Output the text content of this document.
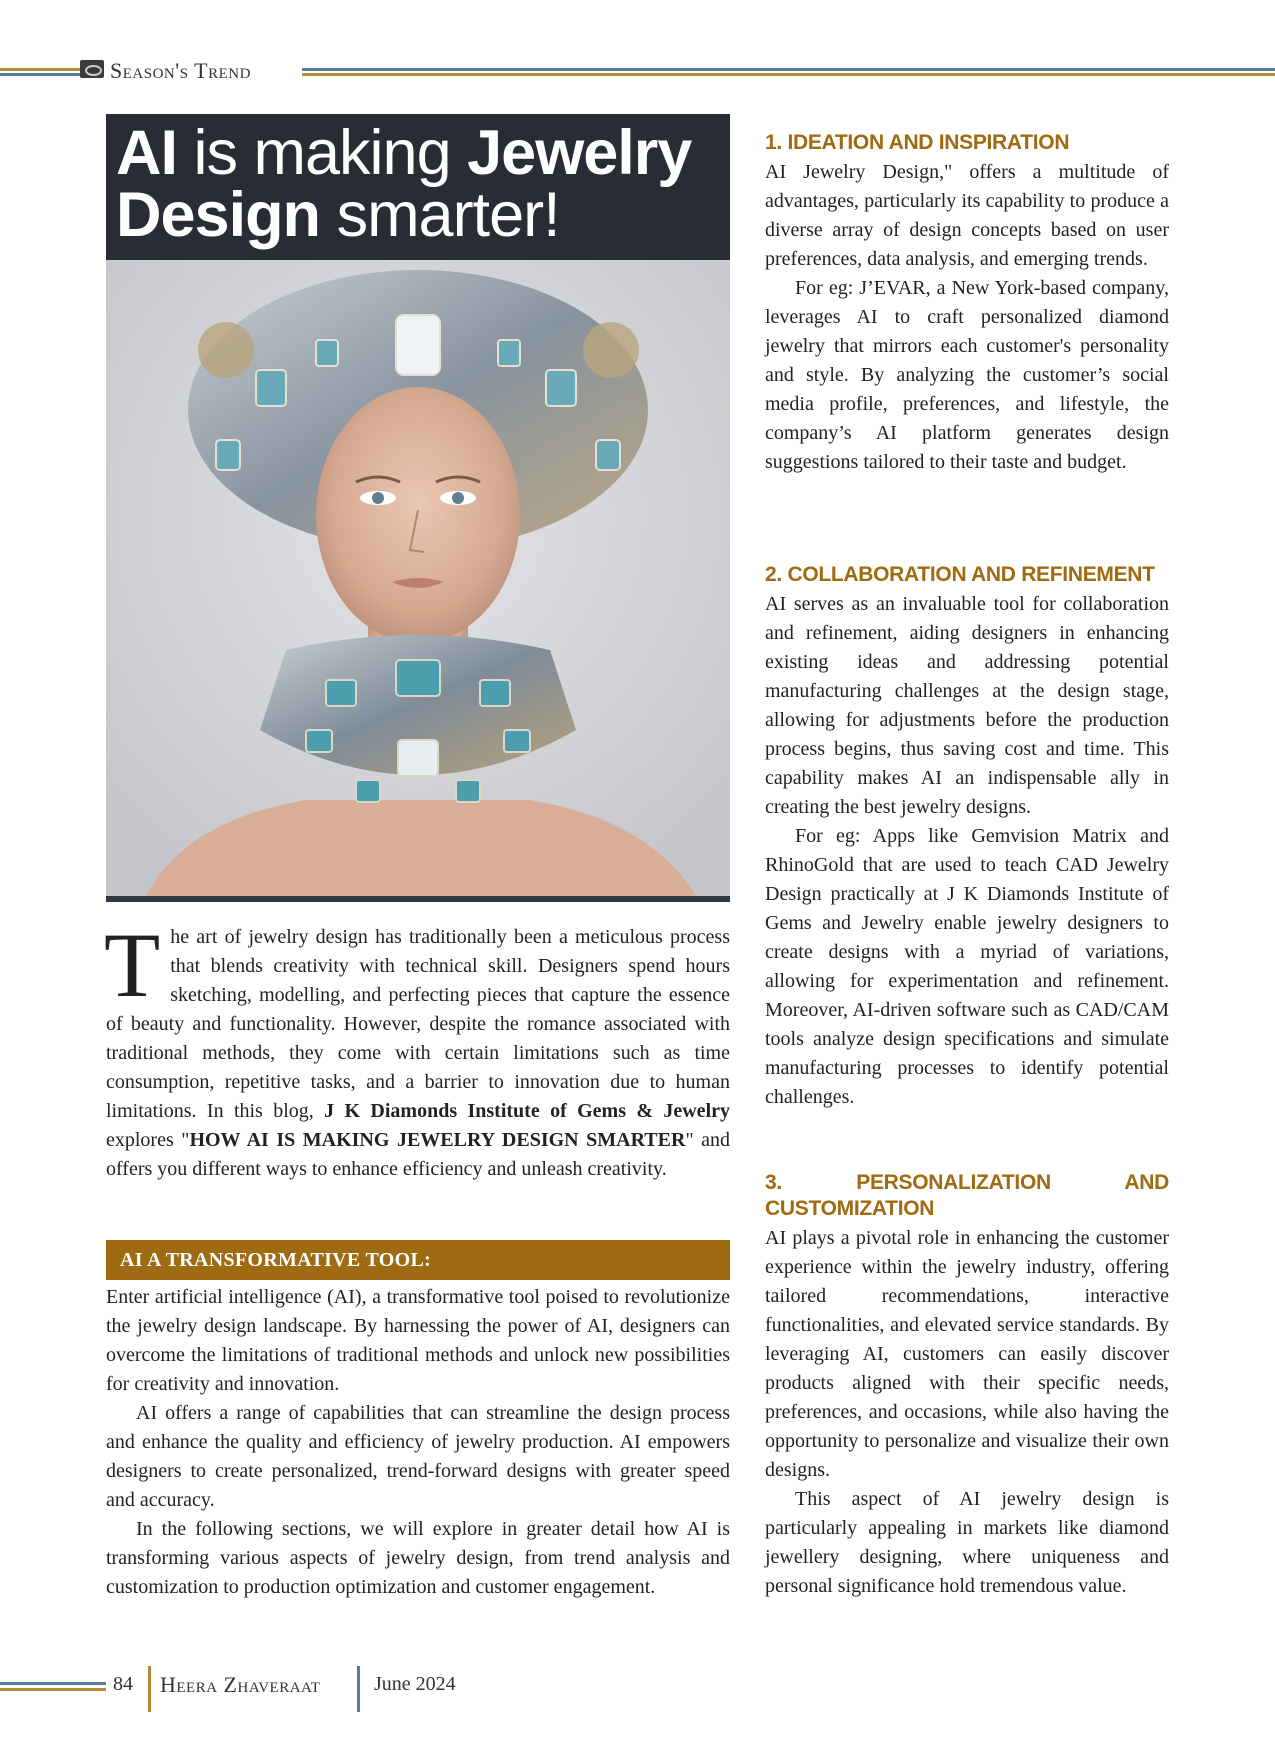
Season's Trend
AI is making Jewelry
Design smarter!
T he art of jewelry design has traditionally been a meticulous process that blends creativity with technical skill. Designers spend hours sketching, modelling, and perfecting pieces that capture the essence of beauty and functionality. However, despite the romance associated with traditional methods, they come with certain limitations such as time consumption, repetitive tasks, and a barrier to innovation due to human limitations. In this blog, J K Diamonds Institute of Gems & Jewelry explores "HOW AI IS MAKING JEWELRY DESIGN SMARTER" and offers you different ways to enhance efficiency and unleash creativity.

AI A TRANSFORMATIVE TOOL:

Enter artificial intelligence (AI), a transformative tool poised to revolutionize the jewelry design landscape. By harnessing the power of AI, designers can overcome the limitations of traditional methods and unlock new possibilities for creativity and innovation.

AI offers a range of capabilities that can streamline the design process and enhance the quality and efficiency of jewelry production. AI empowers designers to create personalized, trend-forward designs with greater speed and accuracy.

In the following sections, we will explore in greater detail how AI is transforming various aspects of jewelry design, from trend analysis and customization to production optimization and customer engagement.

1. IDEATION AND INSPIRATION

AI Jewelry Design," offers a multitude of advantages, particularly its capability to produce a diverse array of design concepts based on user preferences, data analysis, and emerging trends.

For eg: J’EVAR, a New York-based company, leverages AI to craft personalized diamond jewelry that mirrors each customer's personality and style. By analyzing the customer’s social media profile, preferences, and lifestyle, the company’s AI platform generates design suggestions tailored to their taste and budget.

2. COLLABORATION AND REFINEMENT

AI serves as an invaluable tool for collaboration and refinement, aiding designers in enhancing existing ideas and addressing potential manufacturing challenges at the design stage, allowing for adjustments before the production process begins, thus saving cost and time. This capability makes AI an indispensable ally in creating the best jewelry designs.

For eg: Apps like Gemvision Matrix and RhinoGold that are used to teach CAD Jewelry Design practically at J K Diamonds Institute of Gems and Jewelry enable jewelry designers to create designs with a myriad of variations, allowing for experimentation and refinement. Moreover, AI-driven software such as CAD/CAM tools analyze design specifications and simulate manufacturing processes to identify potential challenges.

3. PERSONALIZATION AND CUSTOMIZATION

AI plays a pivotal role in enhancing the customer experience within the jewelry industry, offering tailored recommendations, interactive functionalities, and elevated service standards. By leveraging AI, customers can easily discover products aligned with their specific needs, preferences, and occasions, while also having the opportunity to personalize and visualize their own designs.

This aspect of AI jewelry design is particularly appealing in markets like diamond jewellery designing, where uniqueness and personal significance hold tremendous value.

84 Heera Zhaveraat	June 2024
